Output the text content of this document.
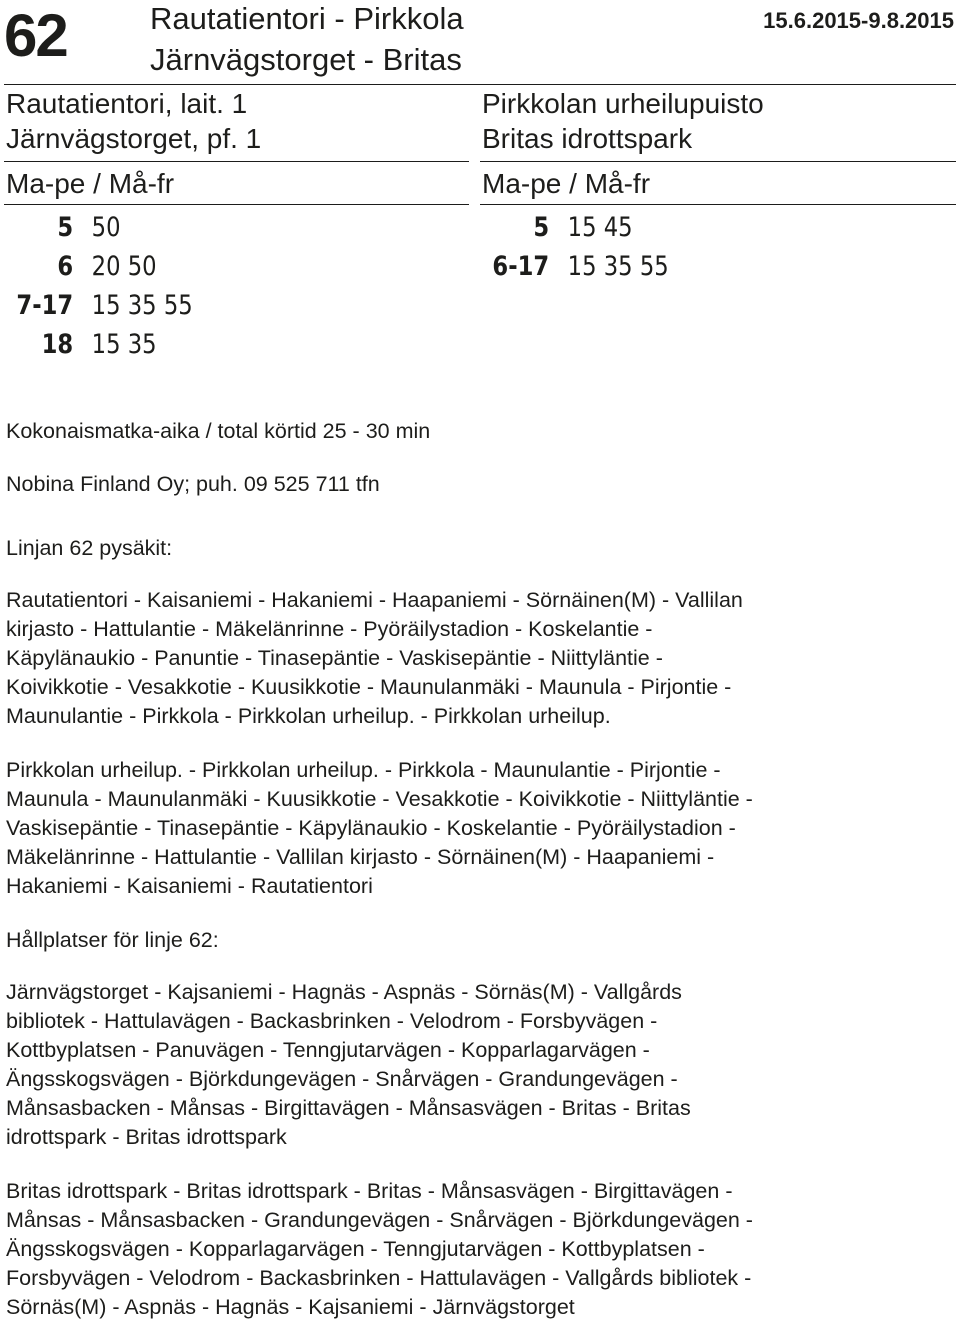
62	Rautatientori - Pirkkola
Järnvägstorget - Britas
15.6.2015-9.8.2015
Rautatientori, lait. 1
Järnvägstorget, pf. 1
Ma-pe / Må-fr
5 50
6 20 50
7-17 15 35 55
18 15 35
Pirkkolan urheilupuisto
Britas idrottspark
Ma-pe / Må-fr
5 15 45
6-17 15 35 55
Kokonaismatka-aika / total körtid 25 - 30 min
Nobina Finland Oy; puh. 09 525 711 tfn
Linjan 62 pysäkit:
Rautatientori - Kaisaniemi - Hakaniemi - Haapaniemi - Sörnäinen(M) - Vallilan
kirjasto - Hattulantie - Mäkelänrinne - Pyöräilystadion - Koskelantie -
Käpylänaukio - Panuntie - Tinasepäntie - Vaskisepäntie - Niittyläntie -
Koivikkotie - Vesakkotie - Kuusikkotie - Maunulanmäki - Maunula - Pirjontie -
Maunulantie - Pirkkola - Pirkkolan urheilup. - Pirkkolan urheilup.
Pirkkolan urheilup. - Pirkkolan urheilup. - Pirkkola - Maunulantie - Pirjontie -
Maunula - Maunulanmäki - Kuusikkotie - Vesakkotie - Koivikkotie - Niittyläntie -
Vaskisepäntie - Tinasepäntie - Käpylänaukio - Koskelantie - Pyöräilystadion -
Mäkelänrinne - Hattulantie - Vallilan kirjasto - Sörnäinen(M) - Haapaniemi -
Hakaniemi - Kaisaniemi - Rautatientori
Hållplatser för linje 62:
Järnvägstorget - Kajsaniemi - Hagnäs - Aspnäs - Sörnäs(M) - Vallgårds
bibliotek - Hattulavägen - Backasbrinken - Velodrom - Forsbyvägen -
Kottbyplatsen - Panuvägen - Tenngjutarvägen - Kopparlagarvägen -
Ängsskogsvägen - Björkdungevägen - Snårvägen - Grandungevägen -
Månsasbacken - Månsas - Birgittavägen - Månsasvägen - Britas - Britas
idrottspark - Britas idrottspark
Britas idrottspark - Britas idrottspark - Britas - Månsasvägen - Birgittavägen -
Månsas - Månsasbacken - Grandungevägen - Snårvägen - Björkdungevägen -
Ängsskogsvägen - Kopparlagarvägen - Tenngjutarvägen - Kottbyplatsen -
Forsbyvägen - Velodrom - Backasbrinken - Hattulavägen - Vallgårds bibliotek -
Sörnäs(M) - Aspnäs - Hagnäs - Kajsaniemi - Järnvägstorget
